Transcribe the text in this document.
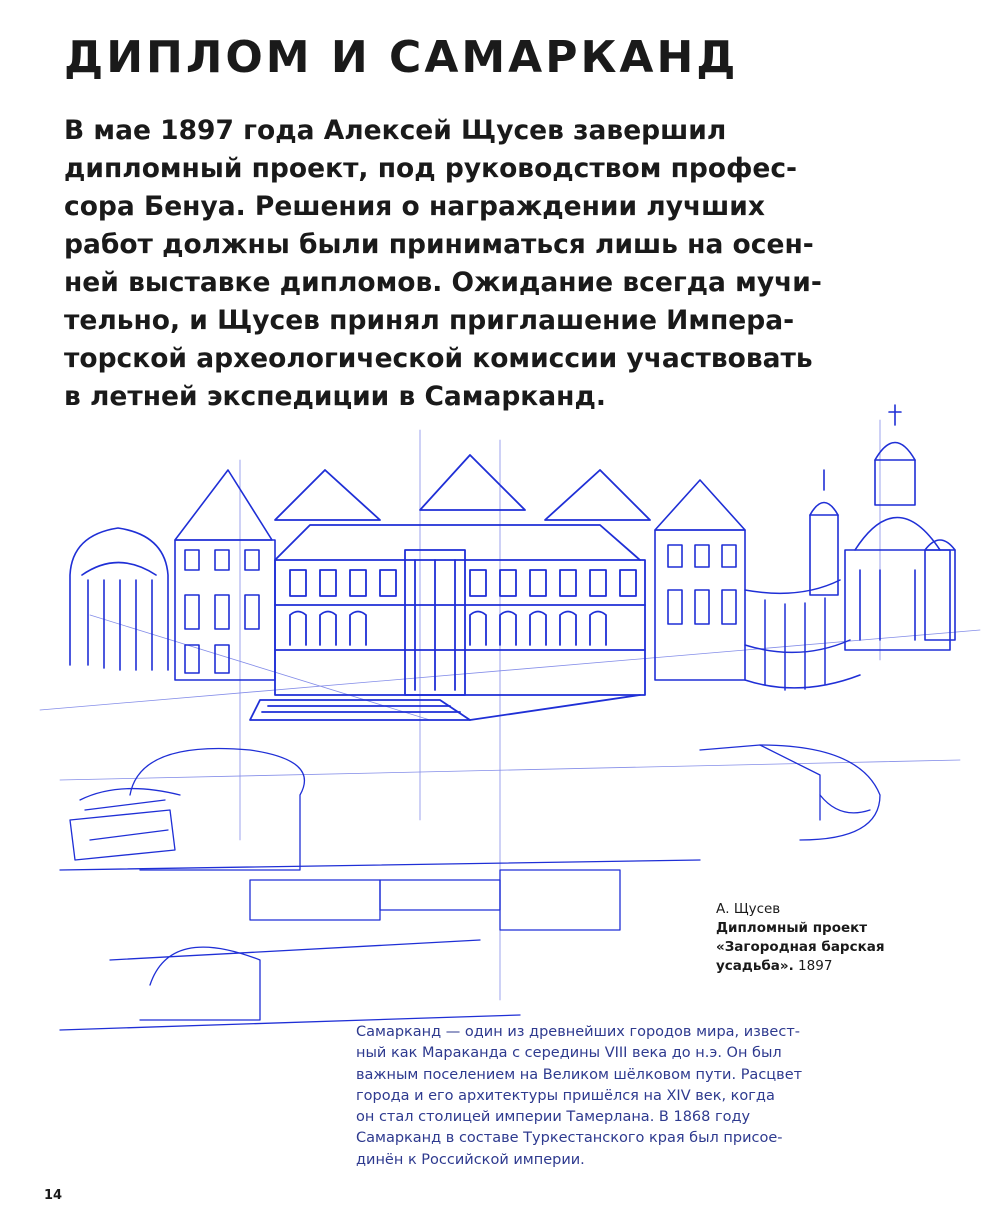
ДИПЛОМ И САМАРКАНД
В мае 1897 года Алексей Щусев завершил
дипломный проект, под руководством профес-
сора Бенуа. Решения о награждении лучших
работ должны были приниматься лишь на осен-
ней выставке дипломов. Ожидание всегда мучи-
тельно, и Щусев принял приглашение Импера-
торской археологической комиссии участвовать
в летней экспедиции в Самарканд.
А. Щусев
Дипломный проект
«Загородная барская
усадьба». 1897
Самарканд — один из древнейших городов мира, извест-
ный как Мараканда с середины VIII века до н.э. Он был
важным поселением на Великом шёлковом пути. Расцвет
города и его архитектуры пришёлся на XIV век, когда
он стал столицей империи Тамерлана. В 1868 году
Самарканд в составе Туркестанского края был присое-
динён к Российской империи.
14
